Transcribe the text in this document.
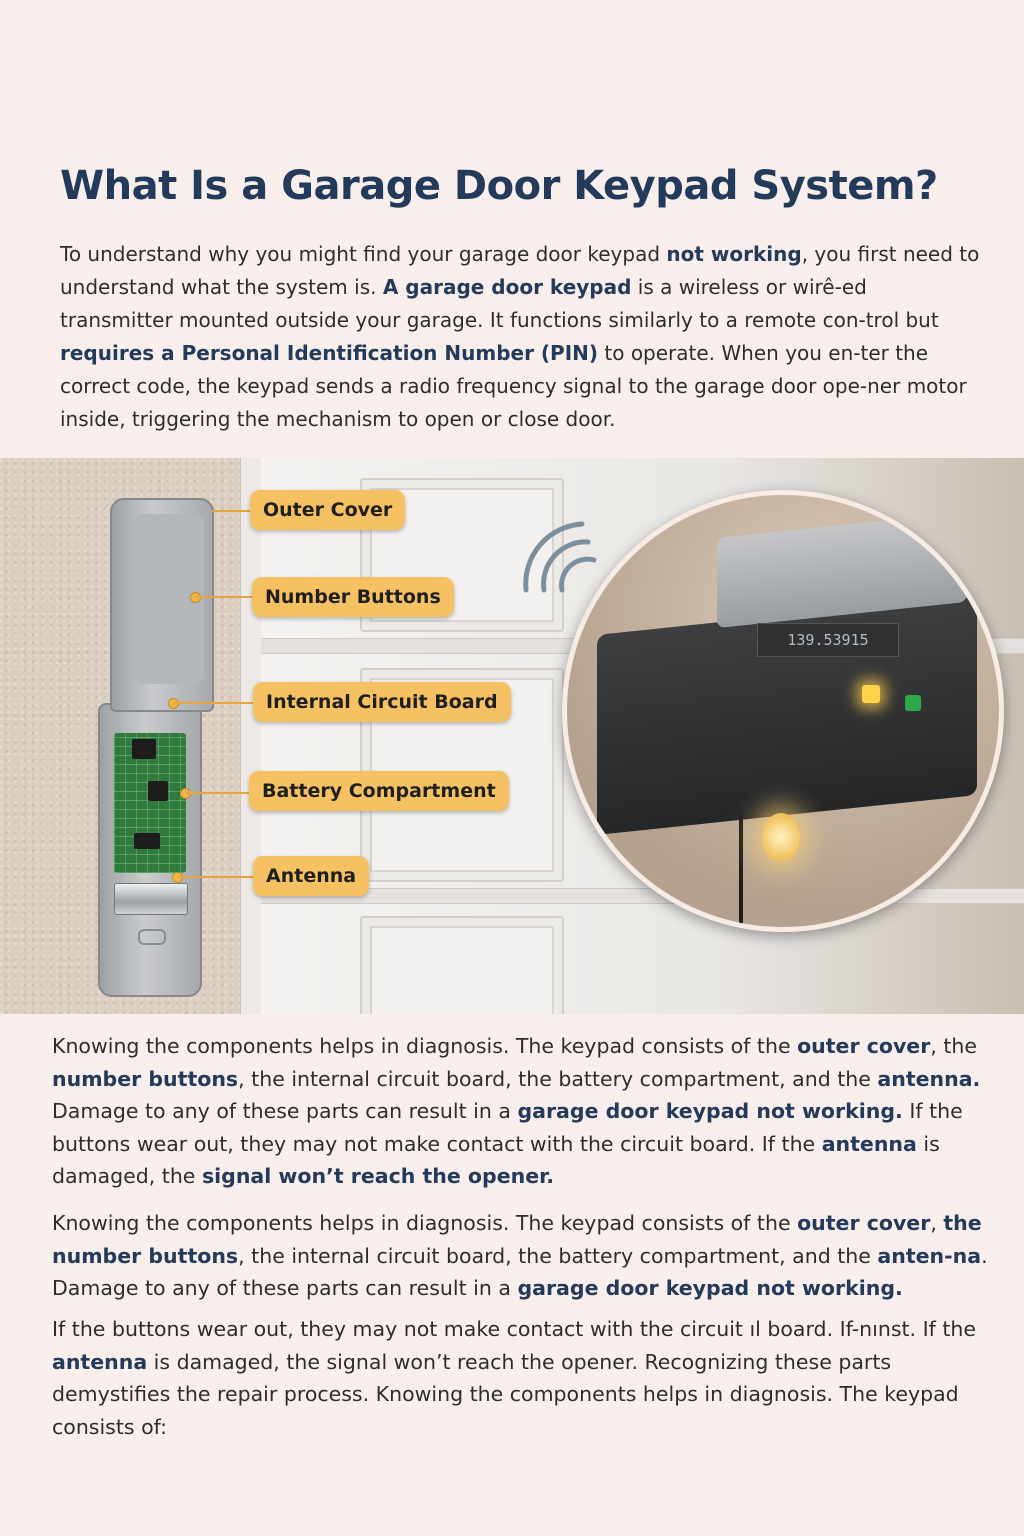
What Is a Garage Door Keypad System?

To understand why you might find your garage door keypad not working, you first need to understand what the system is. A garage door keypad is a wireless or wirê-ed transmitter mounted outside your garage. It functions similarly to a remote con-trol but requires a Personal Identification Number (PIN) to operate. When you en-ter the correct code, the keypad sends a radio frequency signal to the garage door ope-ner motor inside, triggering the mechanism to open or close door.

Outer Cover
Number Buttons
Internal Circuit Board
Battery Compartment
Antenna
139.53915

Knowing the components helps in diagnosis. The keypad consists of the outer cover, the number buttons, the internal circuit board, the battery compartment, and the antenna. Damage to any of these parts can result in a garage door keypad not working. If the buttons wear out, they may not make contact with the circuit board. If the antenna is damaged, the signal won’t reach the opener.

Knowing the components helps in diagnosis. The keypad consists of the outer cover, the number buttons, the internal circuit board, the battery compartment, and the anten-na. Damage to any of these parts can result in a garage door keypad not working.

If the buttons wear out, they may not make contact with the circuit ıl board. If-nınst. If the antenna is damaged, the signal won’t reach the opener. Recognizing these parts demystifies the repair process. Knowing the components helps in diagnosis. The keypad consists of:
